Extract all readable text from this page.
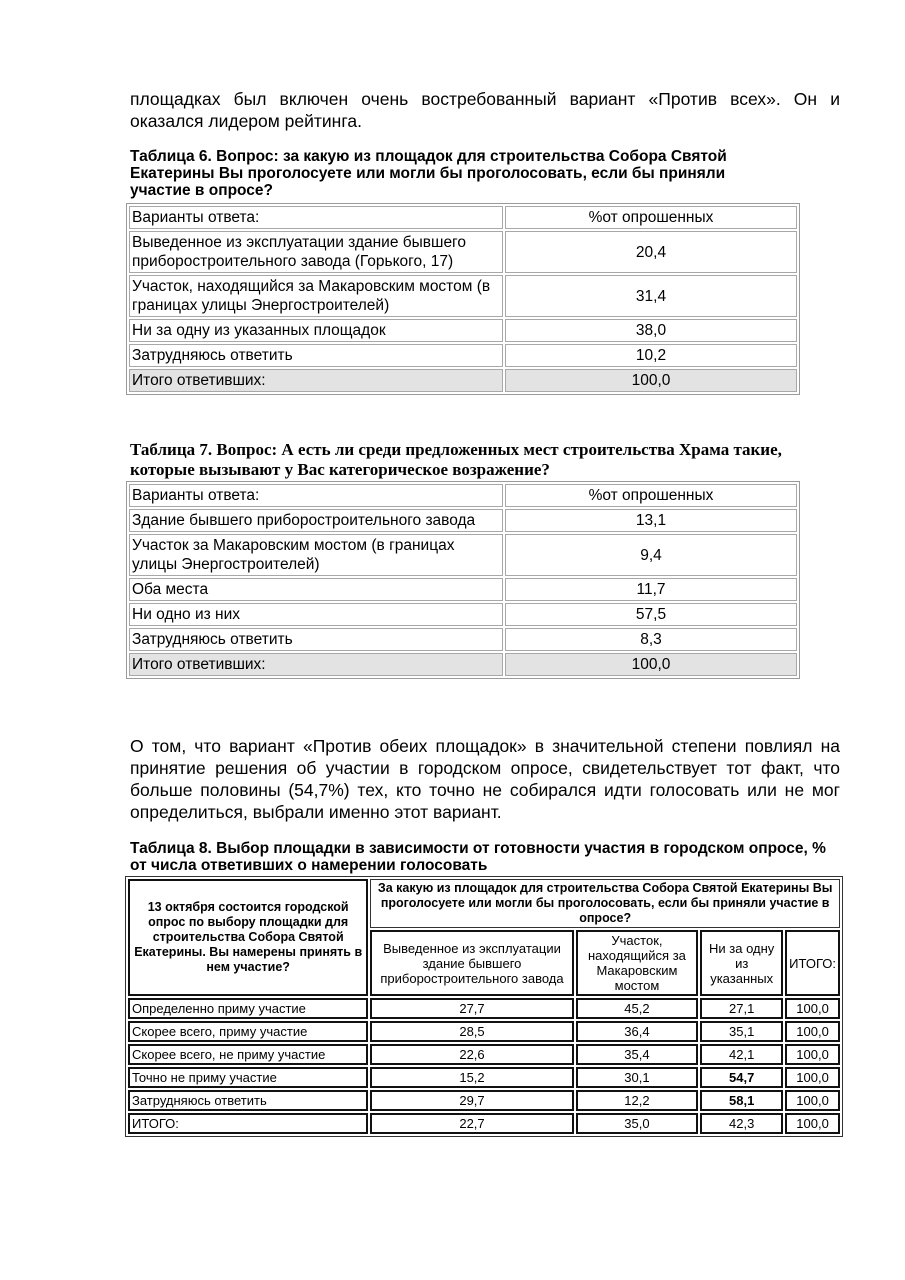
площадках был включен очень востребованный вариант «Против всех». Он и оказался лидером рейтинга.

Таблица 6. Вопрос: за какую из площадок для строительства Собора Святой Екатерины Вы проголосуете или могли бы проголосовать, если бы приняли участие в опросе?

Варианты ответа:	%от опрошенных
Выведенное из эксплуатации здание бывшего приборостроительного завода (Горького, 17)	20,4
Участок, находящийся за Макаровским мостом (в границах улицы Энергостроителей)	31,4
Ни за одну из указанных площадок	38,0
Затрудняюсь ответить	10,2
Итого ответивших:	100,0

Таблица 7. Вопрос: А есть ли среди предложенных мест строительства Храма такие, которые вызывают у Вас категорическое возражение?

Варианты ответа:	%от опрошенных
Здание бывшего приборостроительного завода	13,1
Участок за Макаровским мостом (в границах улицы Энергостроителей)	9,4
Оба места	11,7
Ни одно из них	57,5
Затрудняюсь ответить	8,3
Итого ответивших:	100,0

О том, что вариант «Против обеих площадок» в значительной степени повлиял на принятие решения об участии в городском опросе, свидетельствует тот факт, что больше половины (54,7%) тех, кто точно не собирался идти голосовать или не мог определиться, выбрали именно этот вариант.

Таблица 8. Выбор площадки в зависимости от готовности участия в городском опросе, % от числа ответивших о намерении голосовать

13 октября состоится городской опрос по выбору площадки для строительства Собора Святой Екатерины. Вы намерены принять в нем участие?	За какую из площадок для строительства Собора Святой Екатерины Вы проголосуете или могли бы проголосовать, если бы приняли участие в опросе?			
	Выведенное из эксплуатации здание бывшего приборостроительного завода	Участок, находящийся за Макаровским мостом	Ни за одну из указанных	ИТОГО:
Определенно приму участие	27,7	45,2	27,1	100,0
Скорее всего, приму участие	28,5	36,4	35,1	100,0
Скорее всего, не приму участие	22,6	35,4	42,1	100,0
Точно не приму участие	15,2	30,1	54,7	100,0
Затрудняюсь ответить	29,7	12,2	58,1	100,0
ИТОГО:	22,7	35,0	42,3	100,0
